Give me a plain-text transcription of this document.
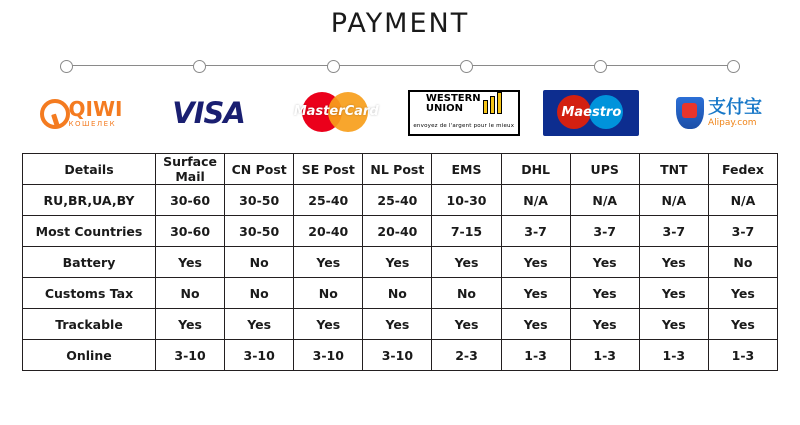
PAYMENT
QIWI
КОШЕЛЕК VISA	MasterCard
WESTERN
UNION
envoyez de l'argent pour le mieux
Maestro	支付宝
Alipay.com
Details	Surface Mail	CN Post	SE Post	NL Post	EMS	DHL	UPS	TNT	Fedex
RU,BR,UA,BY	30-60	30-50	25-40	25-40	10-30	N/A	N/A	N/A	N/A
Most Countries	30-60	30-50	20-40	20-40	7-15	3-7	3-7	3-7	3-7
Battery	Yes	No	Yes	Yes	Yes	Yes	Yes	Yes	No
Customs Tax	No	No	No	No	No	Yes	Yes	Yes	Yes
Trackable	Yes	Yes	Yes	Yes	Yes	Yes	Yes	Yes	Yes
Online	3-10	3-10	3-10	3-10	2-3	1-3	1-3	1-3	1-3
